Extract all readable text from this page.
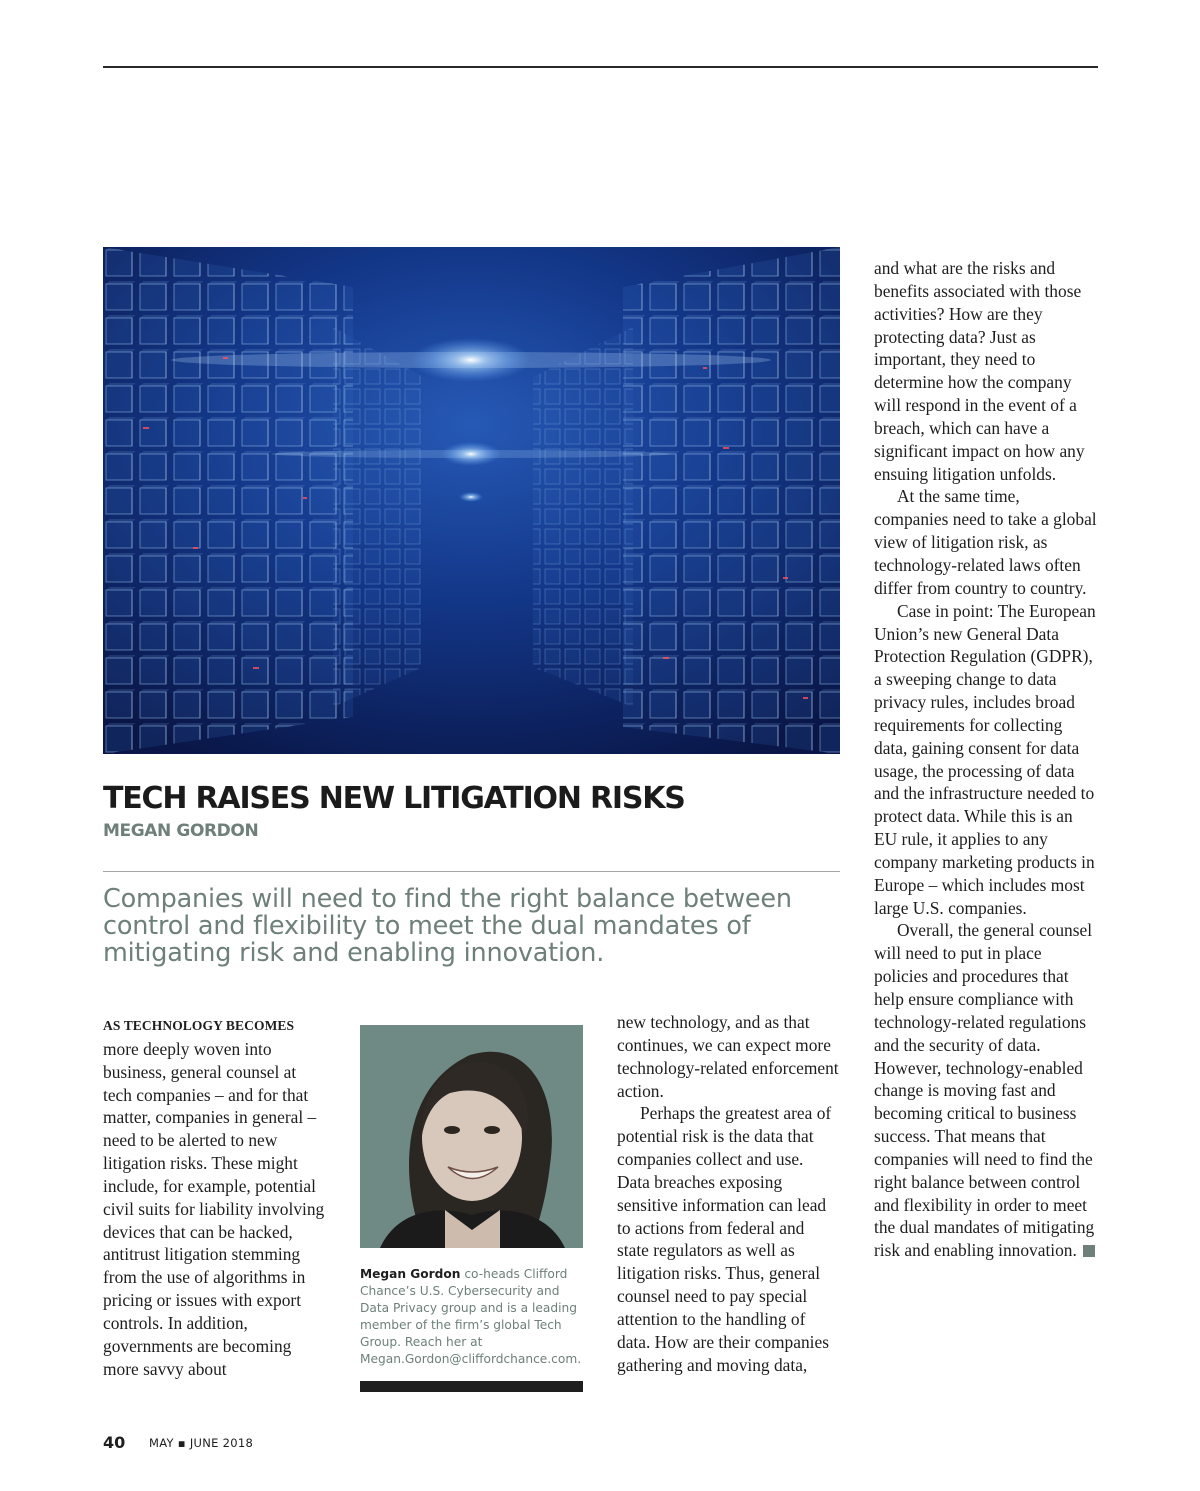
TECH RAISES NEW LITIGATION RISKS
MEGAN GORDON

Companies will need to find the right balance between control and flexibility to meet the dual mandates of mitigating risk and enabling innovation.

AS TECHNOLOGY BECOMES
more deeply woven into business, general counsel at tech companies – and for that matter, companies in general – need to be alerted to new litigation risks. These might include, for example, potential civil suits for liability involving devices that can be hacked, antitrust litigation stemming from the use of algorithms in pricing or issues with export controls. In addition, governments are becoming more savvy about

Megan Gordon co-heads Clifford Chance’s U.S. Cybersecurity and Data Privacy group and is a leading member of the firm’s global Tech Group. Reach her at Megan.Gordon@cliffordchance.com.

new technology, and as that continues, we can expect more technology-related enforcement action.

Perhaps the greatest area of potential risk is the data that companies collect and use. Data breaches exposing sensitive information can lead to actions from federal and state regulators as well as litigation risks. Thus, general counsel need to pay special attention to the handling of data. How are their companies gathering and moving data,

and what are the risks and benefits associated with those activities? How are they protecting data? Just as important, they need to determine how the company will respond in the event of a breach, which can have a significant impact on how any ensuing litigation unfolds.

At the same time, companies need to take a global view of litigation risk, as technology-related laws often differ from country to country.

Case in point: The European Union’s new General Data Protection Regulation (GDPR), a sweeping change to data privacy rules, includes broad requirements for collecting data, gaining consent for data usage, the processing of data and the infrastructure needed to protect data. While this is an EU rule, it applies to any company marketing products in Europe – which includes most large U.S. companies.

Overall, the general counsel will need to put in place policies and procedures that help ensure compliance with technology-related regulations and the security of data. However, technology-enabled change is moving fast and becoming critical to business success. That means that companies will need to find the right balance between control and flexibility in order to meet the dual mandates of mitigating risk and enabling innovation.

40 MAY ▪ JUNE 2018
